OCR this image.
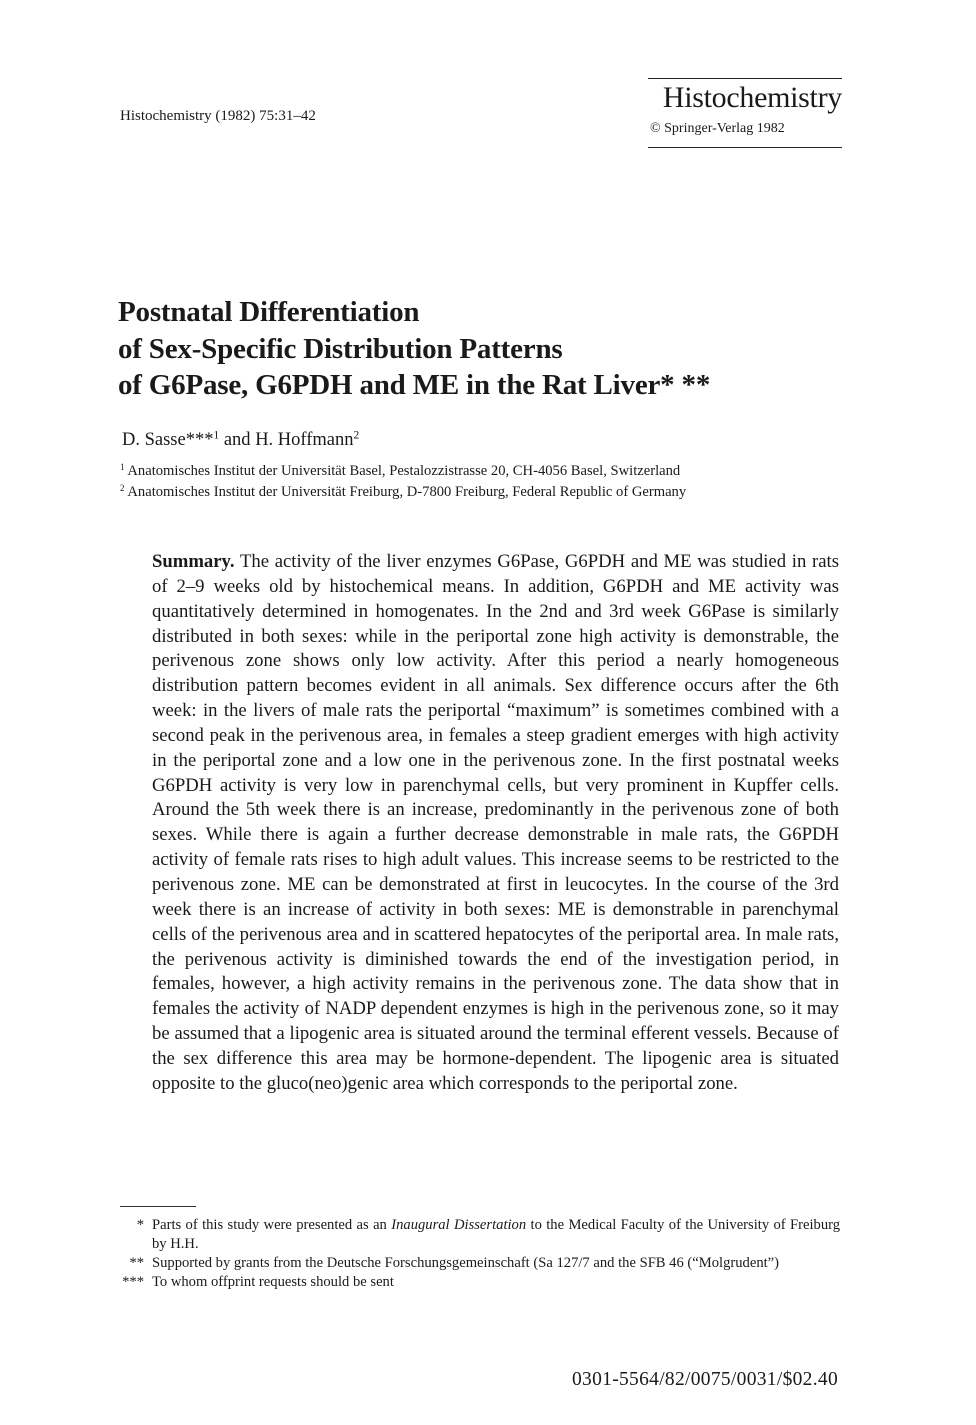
Histochemistry (1982) 75:31–42
Histochemistry
© Springer-Verlag 1982
Postnatal Differentiation
of Sex-Specific Distribution Patterns
of G6Pase, G6PDH and ME in the Rat Liver* **
D. Sasse***$^1$ and H. Hoffmann$^2$
$^1$ Anatomisches Institut der Universität Basel, Pestalozzistrasse 20, CH-4056 Basel, Switzerland
$^2$ Anatomisches Institut der Universität Freiburg, D-7800 Freiburg, Federal Republic of Germany

Summary. The activity of the liver enzymes G6Pase, G6PDH and ME was studied in rats of 2–9 weeks old by histochemical means. In addition, G6PDH and ME activity was quantitatively determined in homogenates. In the 2nd and 3rd week G6Pase is similarly distributed in both sexes: while in the periportal zone high activity is demonstrable, the perivenous zone shows only low activity. After this period a nearly homogeneous distribution pattern becomes evident in all animals. Sex difference occurs after the 6th week: in the livers of male rats the periportal “maximum” is sometimes combined with a second peak in the perivenous area, in females a steep gradient emerges with high activity in the periportal zone and a low one in the perivenous zone. In the first postnatal weeks G6PDH activity is very low in parenchymal cells, but very prominent in Kupffer cells. Around the 5th week there is an increase, predominantly in the perivenous zone of both sexes. While there is again a further decrease demonstrable in male rats, the G6PDH activity of female rats rises to high adult values. This increase seems to be restricted to the perivenous zone. ME can be demonstrated at first in leucocytes. In the course of the 3rd week there is an increase of activity in both sexes: ME is demonstrable in parenchymal cells of the perivenous area and in scattered hepatocytes of the periportal area. In male rats, the perivenous activity is diminished towards the end of the investigation period, in females, however, a high activity remains in the perivenous zone. The data show that in females the activity of NADP dependent enzymes is high in the perivenous zone, so it may be assumed that a lipogenic area is situated around the terminal efferent vessels. Because of the sex difference this area may be hormone-dependent. The lipogenic area is situated opposite to the gluco(neo)genic area which corresponds to the periportal zone.

* Parts of this study were presented as an Inaugural Dissertation to the Medical Faculty of the University of Freiburg by H.H.
** Supported by grants from the Deutsche Forschungsgemeinschaft (Sa 127/7 and the SFB 46 (“Molgrudent”)
*** To whom offprint requests should be sent
0301-5564/82/0075/0031/$02.40
